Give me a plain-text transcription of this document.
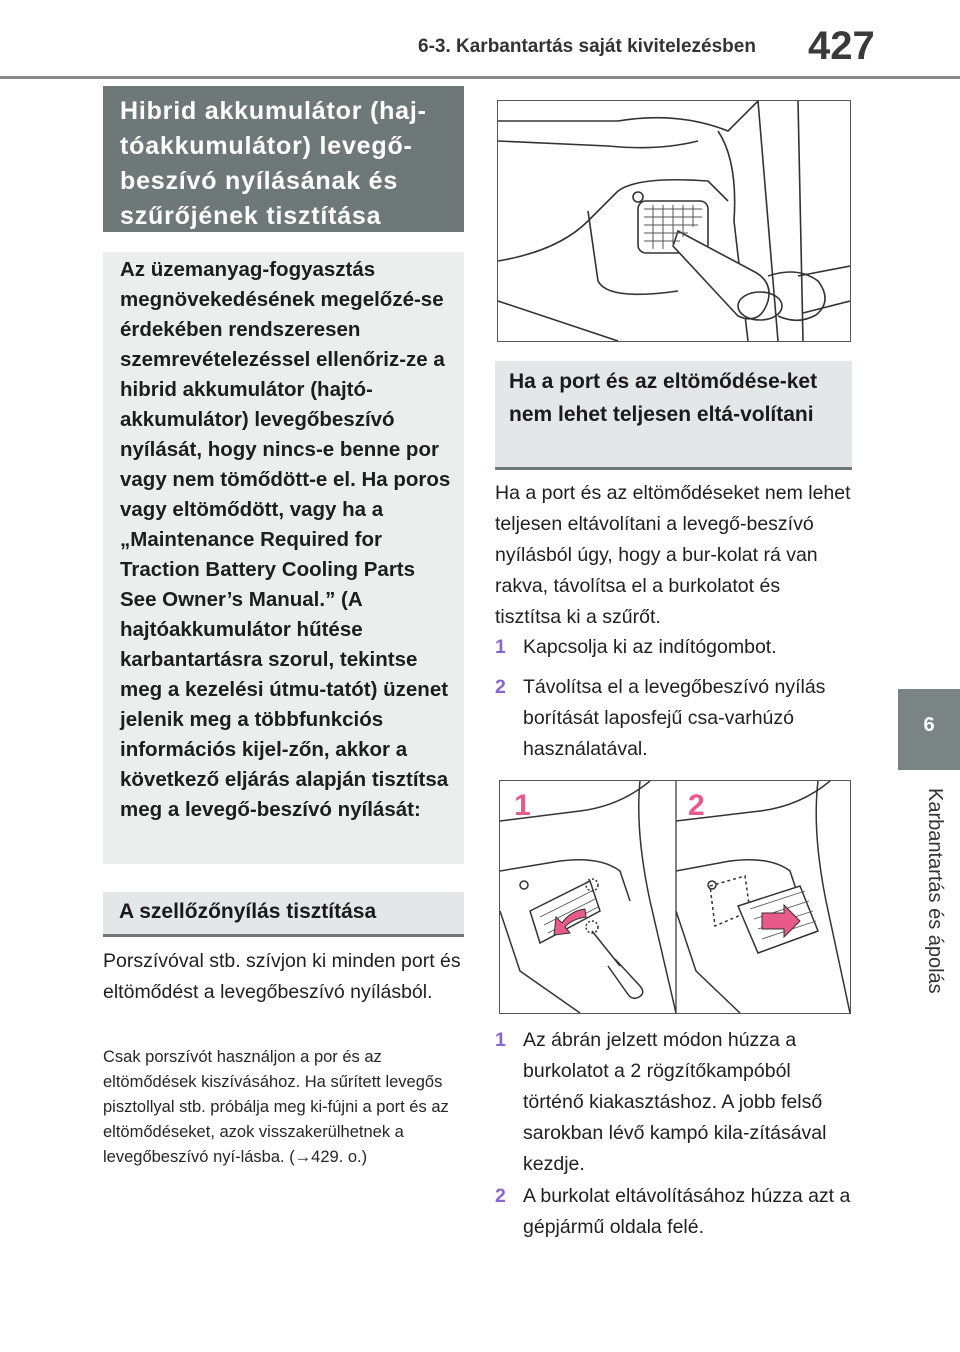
6-3. Karbantartás saját kivitelezésben	427
6
Karbantartás és ápolás
Hibrid akkumulátor (haj-tóakkumulátor) levegő-beszívó nyílásának és szűrőjének tisztítása
Az üzemanyag-fogyasztás megnövekedésének megelőzé-se érdekében rendszeresen szemrevételezéssel ellenőriz-ze a hibrid akkumulátor (hajtó-akkumulátor) levegőbeszívó nyílását, hogy nincs-e benne por vagy nem tömődött-e el. Ha poros vagy eltömődött, vagy ha a „Maintenance Required for Traction Battery Cooling Parts See Owner’s Manual.” (A hajtóakkumulátor hűtése karbantartásra szorul, tekintse meg a kezelési útmu-tatót) üzenet jelenik meg a többfunkciós információs kijel-zőn, akkor a következő eljárás alapján tisztítsa meg a levegő-beszívó nyílását:
A szellőzőnyílás tisztítása
Porszívóval stb. szívjon ki minden port és eltömődést a levegőbeszívó nyílásból.
Csak porszívót használjon a por és az eltömődések kiszívásához. Ha sűrített levegős pisztollyal stb. próbálja meg ki-fújni a port és az eltömődéseket, azok visszakerülhetnek a levegőbeszívó nyí-lásba. (→429. o.)
Ha a port és az eltömődése-ket nem lehet teljesen eltá-volítani
Ha a port és az eltömődéseket nem lehet teljesen eltávolítani a levegő-beszívó nyílásból úgy, hogy a bur-kolat rá van rakva, távolítsa el a burkolatot és tisztítsa ki a szűrőt.
1 Kapcsolja ki az indítógombot.
2 Távolítsa el a levegőbeszívó nyílás borítását laposfejű csa-varhúzó használatával.
1	2
1 Az ábrán jelzett módon húzza a burkolatot a 2 rögzítőkampóból történő kiakasztáshoz. A jobb felső sarokban lévő kampó kila-zításával kezdje.
2 A burkolat eltávolításához húzza azt a gépjármű oldala felé.
